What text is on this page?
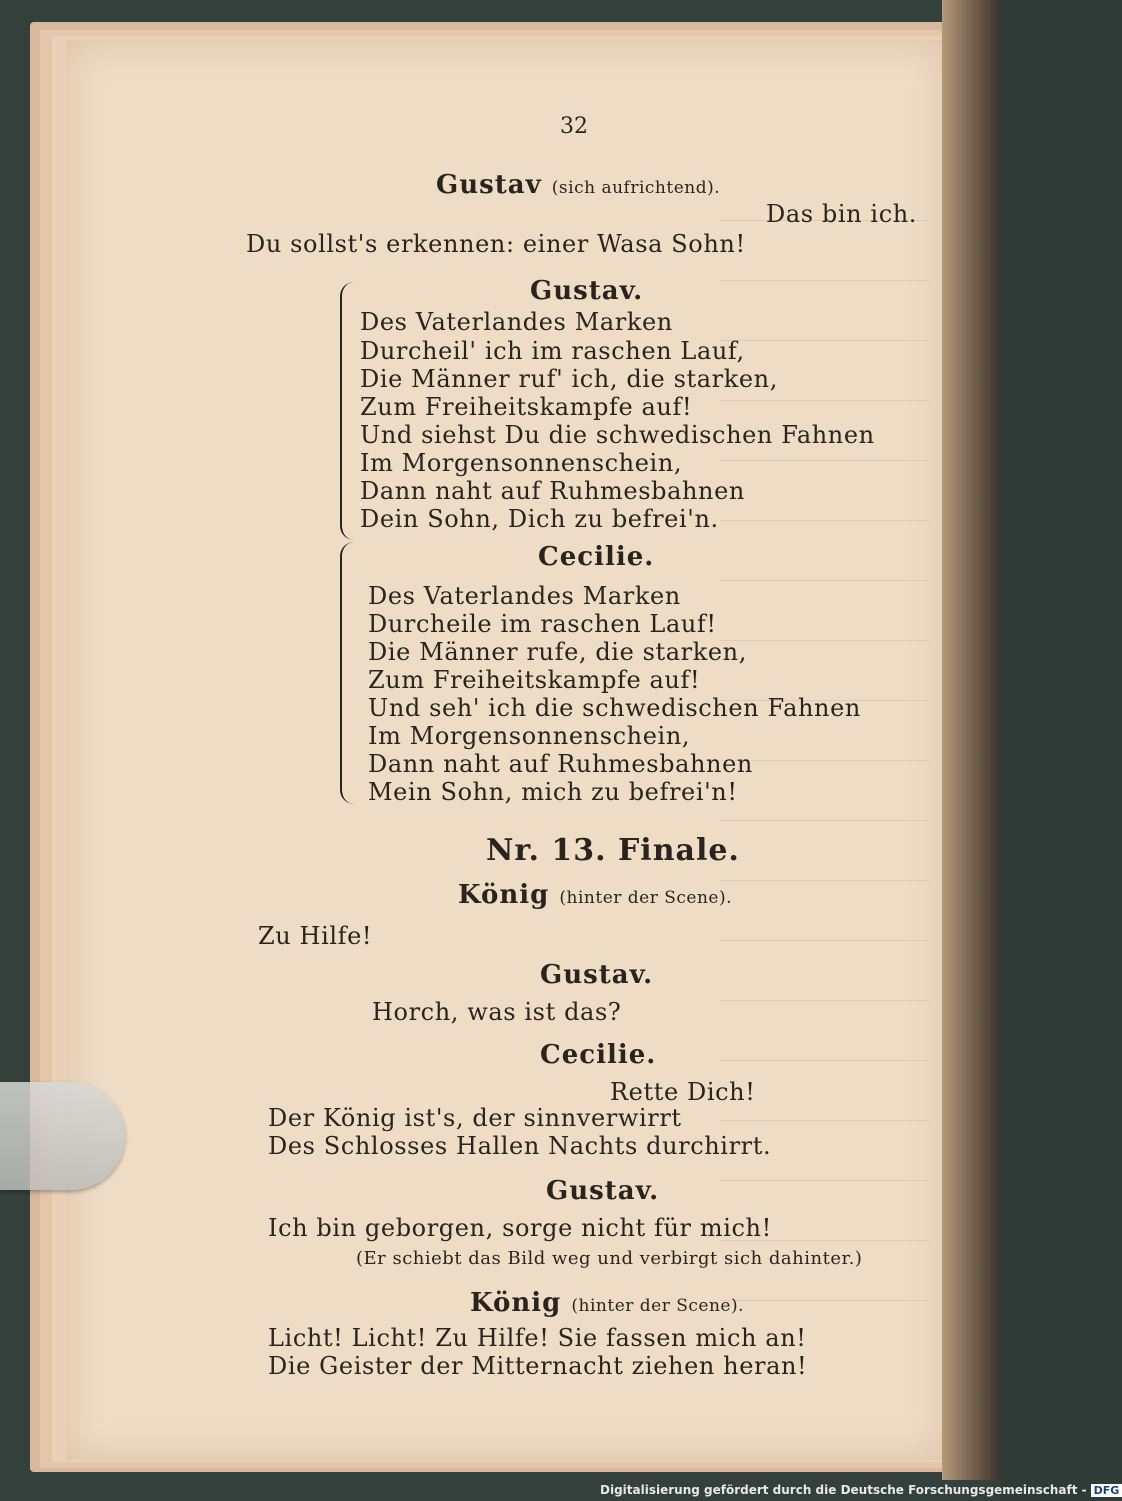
32
Gustav (sich aufrichtend).
Das bin ich.
Du sollst's erkennen: einer Wasa Sohn!
Gustav.
Des Vaterlandes Marken
Durcheil' ich im raschen Lauf,
Die Männer ruf' ich, die starken,
Zum Freiheitskampfe auf!
Und siehst Du die schwedischen Fahnen
Im Morgensonnenschein,
Dann naht auf Ruhmesbahnen
Dein Sohn, Dich zu befrei'n.
Cecilie.
Des Vaterlandes Marken
Durcheile im raschen Lauf!
Die Männer rufe, die starken,
Zum Freiheitskampfe auf!
Und seh' ich die schwedischen Fahnen
Im Morgensonnenschein,
Dann naht auf Ruhmesbahnen
Mein Sohn, mich zu befrei'n!
Nr. 13. Finale.
König (hinter der Scene).
Zu Hilfe!
Gustav.
Horch, was ist das?
Cecilie.
Rette Dich!
Der König ist's, der sinnverwirrt
Des Schlosses Hallen Nachts durchirrt.
Gustav.
Ich bin geborgen, sorge nicht für mich!
(Er schiebt das Bild weg und verbirgt sich dahinter.)
König (hinter der Scene).
Licht! Licht! Zu Hilfe! Sie fassen mich an!
Die Geister der Mitternacht ziehen heran!
Digitalisierung gefördert durch die Deutsche Forschungsgemeinschaft - DFG
